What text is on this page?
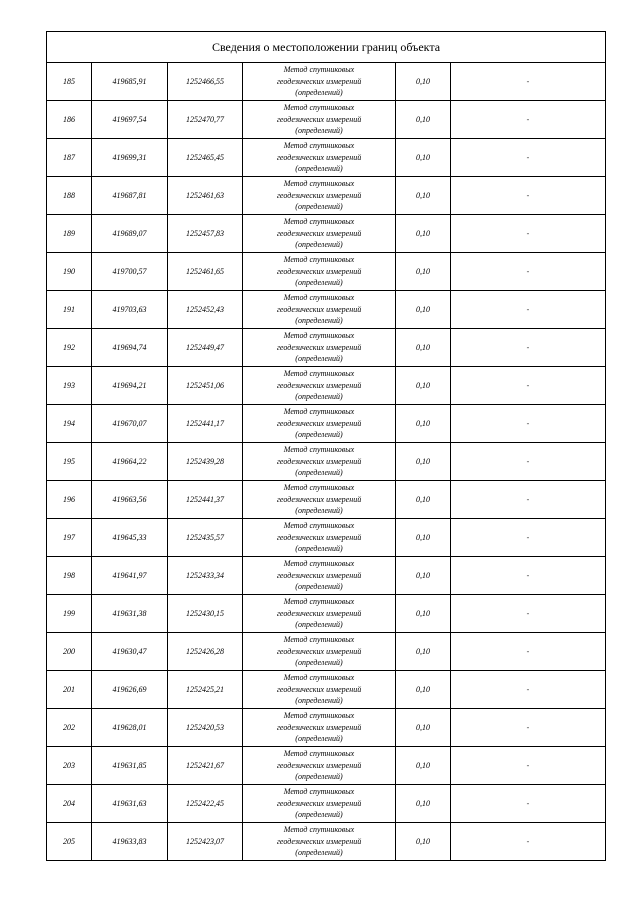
Сведения о местоположении границ объекта					
185	419685,91	1252466,55	Метод спутниковых
геодезических измерений
(определений)	0,10	-
186	419697,54	1252470,77	Метод спутниковых
геодезических измерений
(определений)	0,10	-
187	419699,31	1252465,45	Метод спутниковых
геодезических измерений
(определений)	0,10	-
188	419687,81	1252461,63	Метод спутниковых
геодезических измерений
(определений)	0,10	-
189	419689,07	1252457,83	Метод спутниковых
геодезических измерений
(определений)	0,10	-
190	419700,57	1252461,65	Метод спутниковых
геодезических измерений
(определений)	0,10	-
191	419703,63	1252452,43	Метод спутниковых
геодезических измерений
(определений)	0,10	-
192	419694,74	1252449,47	Метод спутниковых
геодезических измерений
(определений)	0,10	-
193	419694,21	1252451,06	Метод спутниковых
геодезических измерений
(определений)	0,10	-
194	419670,07	1252441,17	Метод спутниковых
геодезических измерений
(определений)	0,10	-
195	419664,22	1252439,28	Метод спутниковых
геодезических измерений
(определений)	0,10	-
196	419663,56	1252441,37	Метод спутниковых
геодезических измерений
(определений)	0,10	-
197	419645,33	1252435,57	Метод спутниковых
геодезических измерений
(определений)	0,10	-
198	419641,97	1252433,34	Метод спутниковых
геодезических измерений
(определений)	0,10	-
199	419631,38	1252430,15	Метод спутниковых
геодезических измерений
(определений)	0,10	-
200	419630,47	1252426,28	Метод спутниковых
геодезических измерений
(определений)	0,10	-
201	419626,69	1252425,21	Метод спутниковых
геодезических измерений
(определений)	0,10	-
202	419628,01	1252420,53	Метод спутниковых
геодезических измерений
(определений)	0,10	-
203	419631,85	1252421,67	Метод спутниковых
геодезических измерений
(определений)	0,10	-
204	419631,63	1252422,45	Метод спутниковых
геодезических измерений
(определений)	0,10	-
205	419633,83	1252423,07	Метод спутниковых
геодезических измерений
(определений)	0,10	-
